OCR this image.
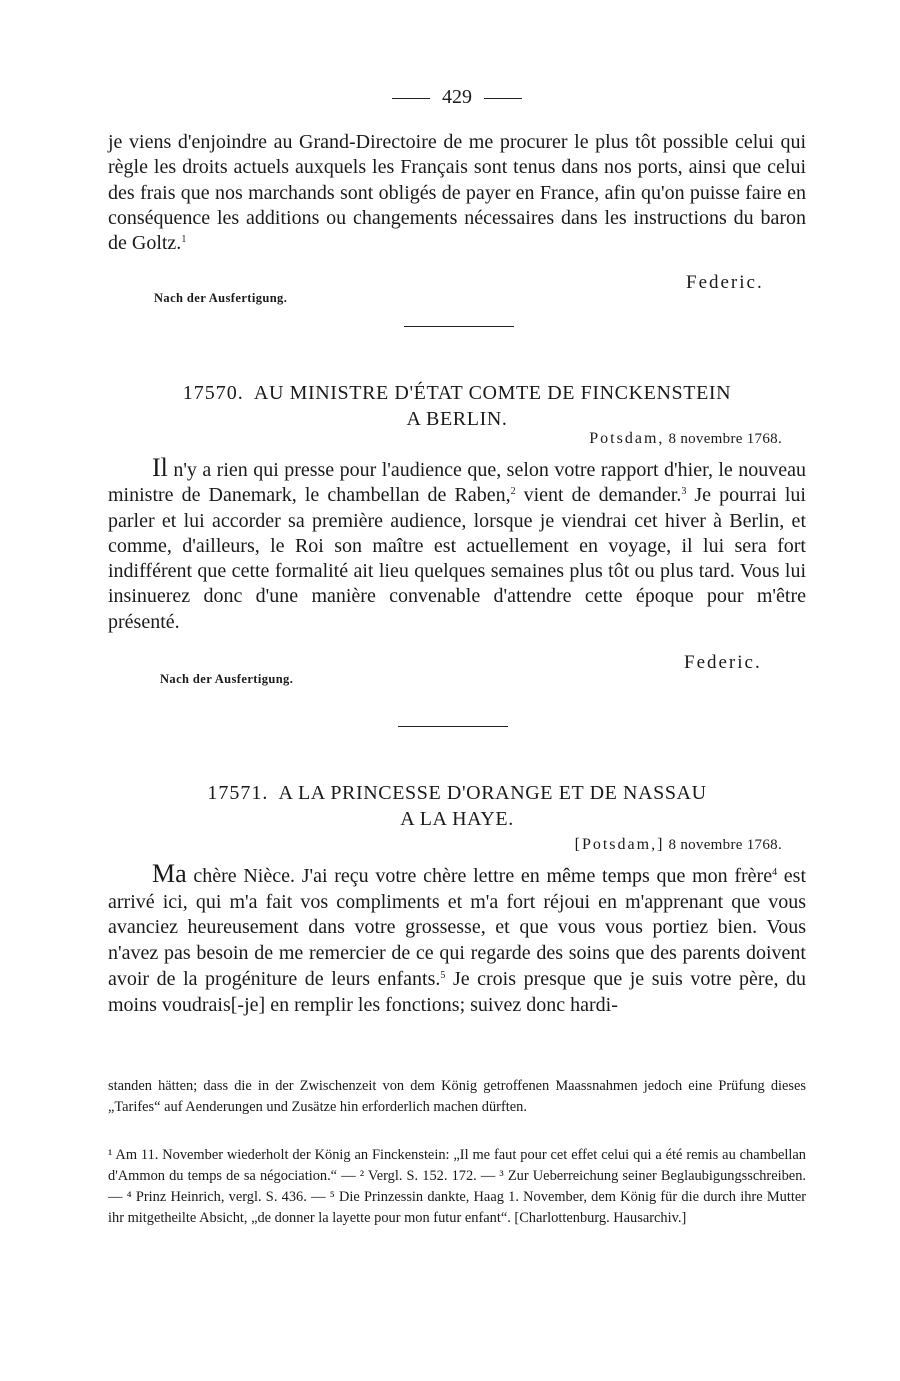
429

je viens d'enjoindre au Grand-Directoire de me procurer le plus tôt possible celui qui règle les droits actuels auxquels les Français sont tenus dans nos ports, ainsi que celui des frais que nos marchands sont obligés de payer en France, afin qu'on puisse faire en conséquence les additions ou changements nécessaires dans les instructions du baron de Goltz.$^1$

Federic.
Nach der Ausfertigung.
17570. AU MINISTRE D'ÉTAT COMTE DE FINCKENSTEIN
A BERLIN.
Potsdam, 8 novembre 1768.

Il n'y a rien qui presse pour l'audience que, selon votre rapport d'hier, le nouveau ministre de Danemark, le chambellan de Raben,$^2$ vient de demander.$^3$ Je pourrai lui parler et lui accorder sa première audience, lorsque je viendrai cet hiver à Berlin, et comme, d'ailleurs, le Roi son maître est actuellement en voyage, il lui sera fort indifférent que cette formalité ait lieu quelques semaines plus tôt ou plus tard. Vous lui insinuerez donc d'une manière convenable d'attendre cette époque pour m'être présenté.

Federic.
Nach der Ausfertigung.
17571. A LA PRINCESSE D'ORANGE ET DE NASSAU
A LA HAYE.
[Potsdam,] 8 novembre 1768.

Ma chère Nièce. J'ai reçu votre chère lettre en même temps que mon frère$^4$ est arrivé ici, qui m'a fait vos compliments et m'a fort réjoui en m'apprenant que vous avanciez heureusement dans votre grossesse, et que vous vous portiez bien. Vous n'avez pas besoin de me remercier de ce qui regarde des soins que des parents doivent avoir de la progéniture de leurs enfants.$^5$ Je crois presque que je suis votre père, du moins voudrais[-je] en remplir les fonctions; suivez donc hardi-

standen hätten; dass die in der Zwischenzeit von dem König getroffenen Maassnahmen jedoch eine Prüfung dieses „Tarifes“ auf Aenderungen und Zusätze hin erforderlich machen dürften.

¹ Am 11. November wiederholt der König an Finckenstein: „Il me faut pour cet effet celui qui a été remis au chambellan d'Ammon du temps de sa négociation.“ — ² Vergl. S. 152. 172. — ³ Zur Ueberreichung seiner Beglaubigungsschreiben. — ⁴ Prinz Heinrich, vergl. S. 436. — ⁵ Die Prinzessin dankte, Haag 1. November, dem König für die durch ihre Mutter ihr mitgetheilte Absicht, „de donner la layette pour mon futur enfant“. [Charlottenburg. Hausarchiv.]
